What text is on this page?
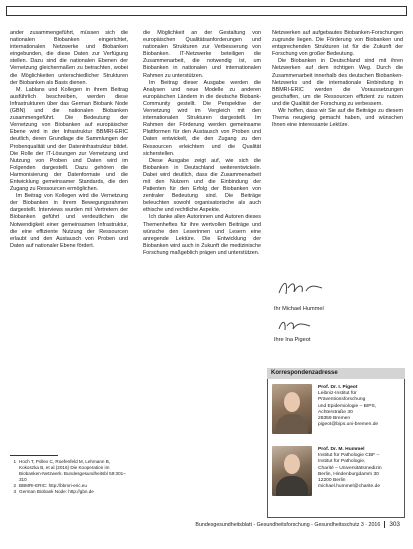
ander zusammengeführt, müssen sich die nationalen Biobanken eingerichtet, internationalen Netzwerke und Biobanken eingebunden, die diese Daten zur Verfügung stellen. Dazu sind die nationalen Ebenen der Vernetzung gleichermaßen zu betrachten, wobei die Möglichkeiten unterschiedlicher Strukturen der Biobanken als Basis dienen.

M. Lablans und Kollegen in ihrem Beitrag ausführlich beschreiben, werden diese Infrastrukturen über das German Biobank Node (GBN) und die nationalen Biobanken zusammengeführt. Die Bedeutung der Vernetzung von Biobanken auf europäischer Ebene wird in der Infrastruktur BBMRI-ERIC deutlich, deren Grundlage die Sammlungen der Probenqualität und der Dateninfrastruktur bildet. Die Rolle der IT-Lösungen zur Vernetzung und Nutzung von Proben und Daten wird im Folgenden dargestellt. Dazu gehören die Harmonisierung der Datenformate und die Entwicklung gemeinsamer Standards, die den Zugang zu Ressourcen ermöglichen.

Im Beitrag von Kollegen wird die Vernetzung der Biobanken in ihrem Bewegungsrahmen dargestellt. Interviews wurden mit Vertretern der Biobanken geführt und verdeutlichen die Notwendigkeit einer gemeinsamen Infrastruktur, die eine effiziente Nutzung der Ressourcen erlaubt und den Austausch von Proben und Daten auf nationaler Ebene fördert.

1 Hoch T, Pollex C, Roefenfeld M, Lehmann B, Kokoszka B, et al (2016) Die Kooperation im Biobanken-Netzwerk. Bundesgesundheitsbl 59:301–310
2 BBMRI-ERIC: http://bbmri-eric.eu
3 German Biobank Node: http://gbn.de

die Möglichkeit an der Gestaltung von europäischen Qualitätsanforderungen und nationalen Strukturen zur Verbesserung von Biobanken. IT-Netzwerke beteiligen die Zusammenarbeit, die notwendig ist, um Biobanken in nationalen und internationalen Rahmen zu unterstützen.

Im Beitrag dieser Ausgabe werden die Analysen und neue Modelle zu anderen europäischen Ländern in die deutsche Biobank-Community gestellt. Die Perspektive der Vernetzung wird im Vergleich mit den internationalen Strukturen dargestellt. Im Rahmen der Förderung werden gemeinsame Plattformen für den Austausch von Proben und Daten entwickelt, die den Zugang zu den Ressourcen erleichtern und die Qualität sicherstellen.

Diese Ausgabe zeigt auf, wie sich die Biobanken in Deutschland weiterentwickeln. Dabei wird deutlich, dass die Zusammenarbeit mit den Nutzern und die Einbindung der Patienten für den Erfolg der Biobanken von zentraler Bedeutung sind. Die Beiträge beleuchten sowohl organisatorische als auch ethische und rechtliche Aspekte.

Ich danke allen Autorinnen und Autoren dieses Themenheftes für ihre wertvollen Beiträge und wünsche den Leserinnen und Lesern eine anregende Lektüre. Die Entwicklung der Biobanken wird auch in Zukunft die medizinische Forschung maßgeblich prägen und unterstützen.

Netzwerken auf aufgebautes Biobanken-Forschungen zugrunde liegen. Die Förderung von Biobanken und entsprechenden Strukturen ist für die Zukunft der Forschung von großer Bedeutung.

Die Biobanken in Deutschland sind mit ihren Netzwerken auf dem richtigen Weg. Durch die Zusammenarbeit innerhalb des deutschen Biobanken-Netzwerks und die internationale Einbindung in BBMRI-ERIC werden die Voraussetzungen geschaffen, um die Ressourcen effizient zu nutzen und die Qualität der Forschung zu verbessern.

Wir hoffen, dass wir Sie auf die Beiträge zu diesem Thema neugierig gemacht haben, und wünschen Ihnen eine interessante Lektüre.

Ihr Michael Hummel
Ihre Ina Pigeot
Korrespondenzadresse
Prof. Dr. I. Pigeot
Leibniz-Institut für
Präventionsforschung
und Epidemiologie – BIPS,
Achterstraße 30
28359 Bremen
pigeot@bips.uni-bremen.de
Prof. Dr. M. Hummel
Institut für Pathologie CBF –
Institut für Pathologie,
Charité – Universitätsmedizin
Berlin, Hindenburgdamm 30
12200 Berlin
michael.hummel@charite.de
Bundesgesundheitsblatt - Gesundheitsforschung - Gesundheitsschutz 3 · 2016 303
